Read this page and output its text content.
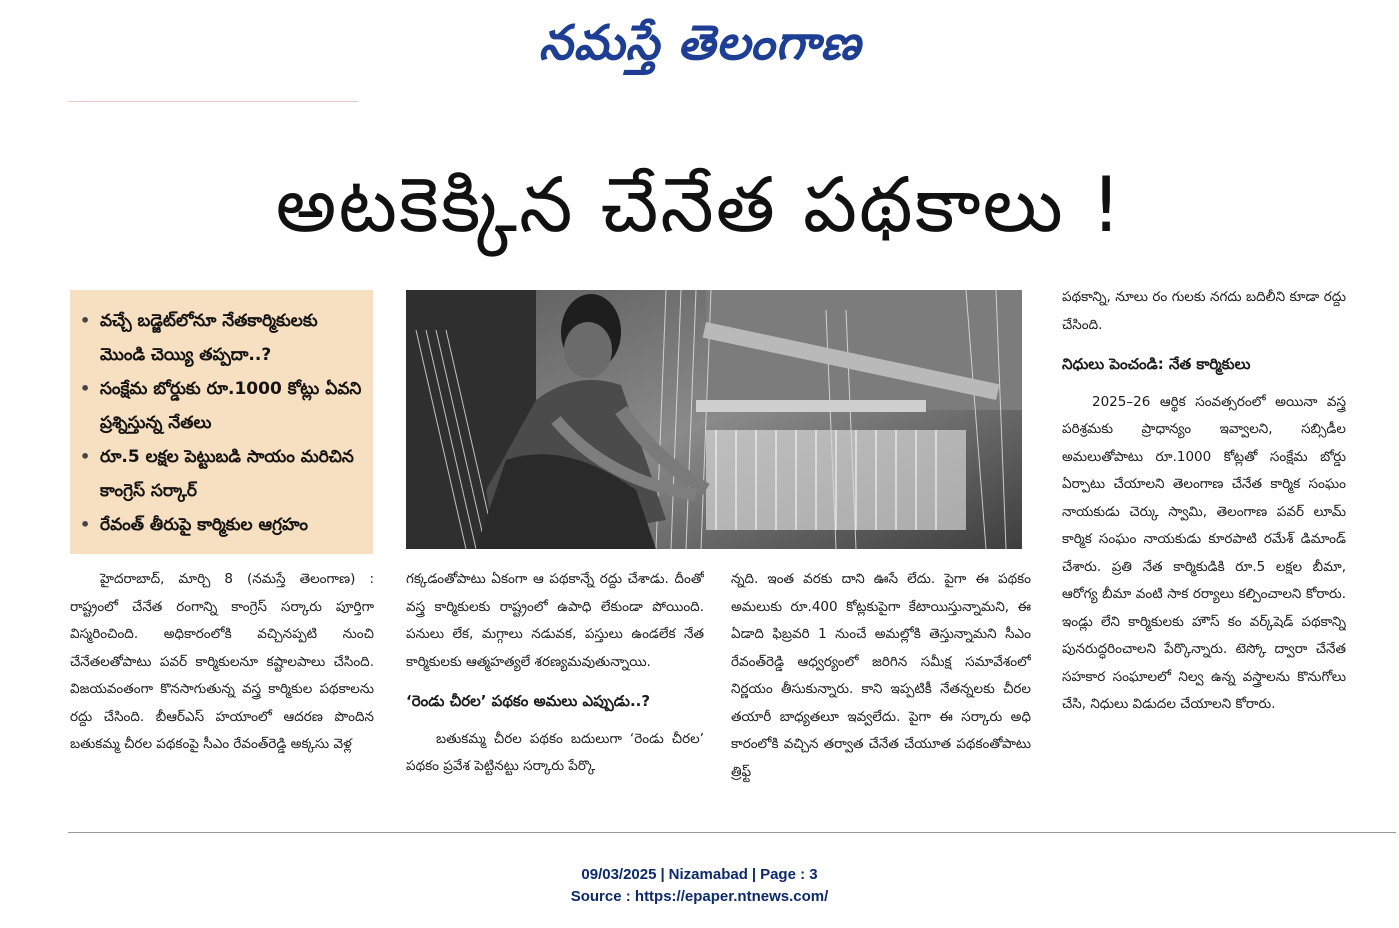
నమస్తే తెలంగాణ
అటకెక్కిన చేనేత పథకాలు !
• వచ్చే బడ్జెట్‌లోనూ నేతకార్మికులకు మొండి చెయ్యి తప్పదా..?
• సంక్షేమ బోర్డుకు రూ.1000 కోట్లు ఏవని ప్రశ్నిస్తున్న నేతలు
• రూ.5 లక్షల పెట్టుబడి సాయం మరిచిన కాంగ్రెస్ సర్కార్
• రేవంత్ తీరుపై కార్మికుల ఆగ్రహం

హైదరాబాద్, మార్చి 8 (నమస్తే తెలంగాణ) : రాష్ట్రంలో చేనేత రంగాన్ని కాంగ్రెస్ సర్కారు పూర్తిగా విస్మరించింది. అధికారంలోకి వచ్చినప్పటి నుంచి చేనేతలతోపాటు పవర్ కార్మికులనూ కష్టాలపాలు చేసింది. విజయవంతంగా కొనసాగుతున్న వస్త్ర కార్మికుల పథకాలను రద్దు చేసింది. బీఆర్‌ఎస్ హయాంలో ఆదరణ పొందిన బతుకమ్మ చీరల పథకంపై సీఎం రేవంత్‌రెడ్డి అక్కసు వెళ్ల

గక్కడంతోపాటు ఏకంగా ఆ పథకాన్నే రద్దు చేశాడు. దీంతో వస్త్ర కార్మికులకు రాష్ట్రంలో ఉపాధి లేకుండా పోయింది. పనులు లేక, మగ్గాలు నడువక, పస్తులు ఉండలేక నేత కార్మికులకు ఆత్మహత్యలే శరణ్యమవుతున్నాయి.

‘రెండు చీరల’ పథకం అమలు ఎప్పుడు..?

బతుకమ్మ చీరల పథకం బదులుగా ‘రెండు చీరల’ పథకం ప్రవేశ పెట్టినట్టు సర్కారు పేర్కొ

న్నది. ఇంత వరకు దాని ఊసే లేదు. పైగా ఈ పథకం అమలుకు రూ.400 కోట్లకుపైగా కేటాయిస్తున్నామని, ఈ ఏడాది ఫిబ్రవరి 1 నుంచే అమల్లోకి తెస్తున్నామని సీఎం రేవంత్‌రెడ్డి ఆధ్వర్యంలో జరిగిన సమీక్ష సమావేశంలో నిర్ణయం తీసుకున్నారు. కాని ఇప్పటికీ నేతన్నలకు చీరల తయారీ బాధ్యతలూ ఇవ్వలేదు. పైగా ఈ సర్కారు అధి కారంలోకి వచ్చిన తర్వాత చేనేత చేయూత పథకంతోపాటు త్రిఫ్ట్

పథకాన్ని, నూలు రం గులకు నగదు బదిలీని కూడా రద్దు చేసింది.

నిధులు పెంచండి: నేత కార్మికులు

2025–26 ఆర్థిక సంవత్సరంలో అయినా వస్త్ర పరిశ్రమకు ప్రాధాన్యం ఇవ్వాలని, సబ్సిడీల అమలుతోపాటు రూ.1000 కోట్లతో సంక్షేమ బోర్డు ఏర్పాటు చేయాలని తెలంగాణ చేనేత కార్మిక సంఘం నాయకుడు చెర్కు స్వామి, తెలంగాణ పవర్ లూమ్ కార్మిక సంఘం నాయకుడు కూరపాటి రమేశ్ డిమాండ్ చేశారు. ప్రతి నేత కార్మికుడికి రూ.5 లక్షల బీమా, ఆరోగ్య బీమా వంటి సాక రర్యాలు కల్పించాలని కోరారు. ఇండ్లు లేని కార్మికులకు హౌస్ కం వర్క్‌షెడ్ పథకాన్ని పునరుద్ధరించాలని పేర్కొన్నారు. టెస్కో ద్వారా చేనేత సహకార సంఘాలలో నిల్వ ఉన్న వస్త్రాలను కొనుగోలు చేసి, నిధులు విడుదల చేయాలని కోరారు.

09/03/2025 | Nizamabad | Page : 3
Source : https://epaper.ntnews.com/
